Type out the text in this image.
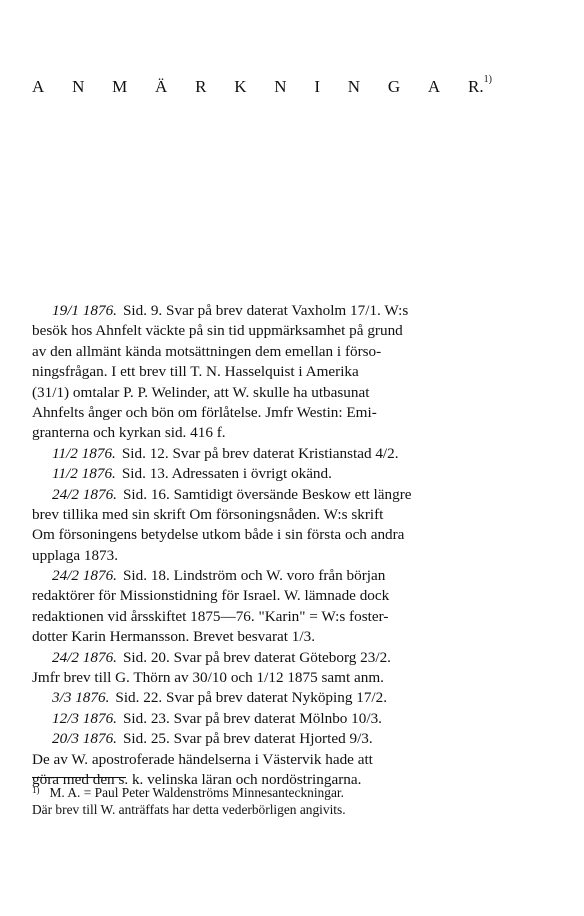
A N M Ä R K N I N G A R.$^{1)}$
19/1 1876. Sid. 9. Svar på brev daterat Vaxholm 17/1. W:s
besök hos Ahnfelt väckte på sin tid uppmärksamhet på grund
av den allmänt kända motsättningen dem emellan i förso-
ningsfrågan. I ett brev till T. N. Hasselquist i Amerika
(31/1) omtalar P. P. Welinder, att W. skulle ha utbasunat
Ahnfelts ånger och bön om förlåtelse. Jmfr Westin: Emi-
granterna och kyrkan sid. 416 f.
11/2 1876. Sid. 12. Svar på brev daterat Kristianstad 4/2.
11/2 1876. Sid. 13. Adressaten i övrigt okänd.
24/2 1876. Sid. 16. Samtidigt översände Beskow ett längre
brev tillika med sin skrift Om försoningsnåden. W:s skrift
Om försoningens betydelse utkom både i sin första och andra
upplaga 1873.
24/2 1876. Sid. 18. Lindström och W. voro från början
redaktörer för Missionstidning för Israel. W. lämnade dock
redaktionen vid årsskiftet 1875—76. "Karin" = W:s foster-
dotter Karin Hermansson. Brevet besvarat 1/3.
24/2 1876. Sid. 20. Svar på brev daterat Göteborg 23/2.
Jmfr brev till G. Thörn av 30/10 och 1/12 1875 samt anm.
3/3 1876. Sid. 22. Svar på brev daterat Nyköping 17/2.
12/3 1876. Sid. 23. Svar på brev daterat Mölnbo 10/3.
20/3 1876. Sid. 25. Svar på brev daterat Hjorted 9/3.
De av W. apostroferade händelserna i Västervik hade att
göra med den s. k. velinska läran och nordöstringarna.
$^{1)}$ M. A. = Paul Peter Waldenströms Minnesanteckningar.
Där brev till W. anträffats har detta vederbörligen angivits.
